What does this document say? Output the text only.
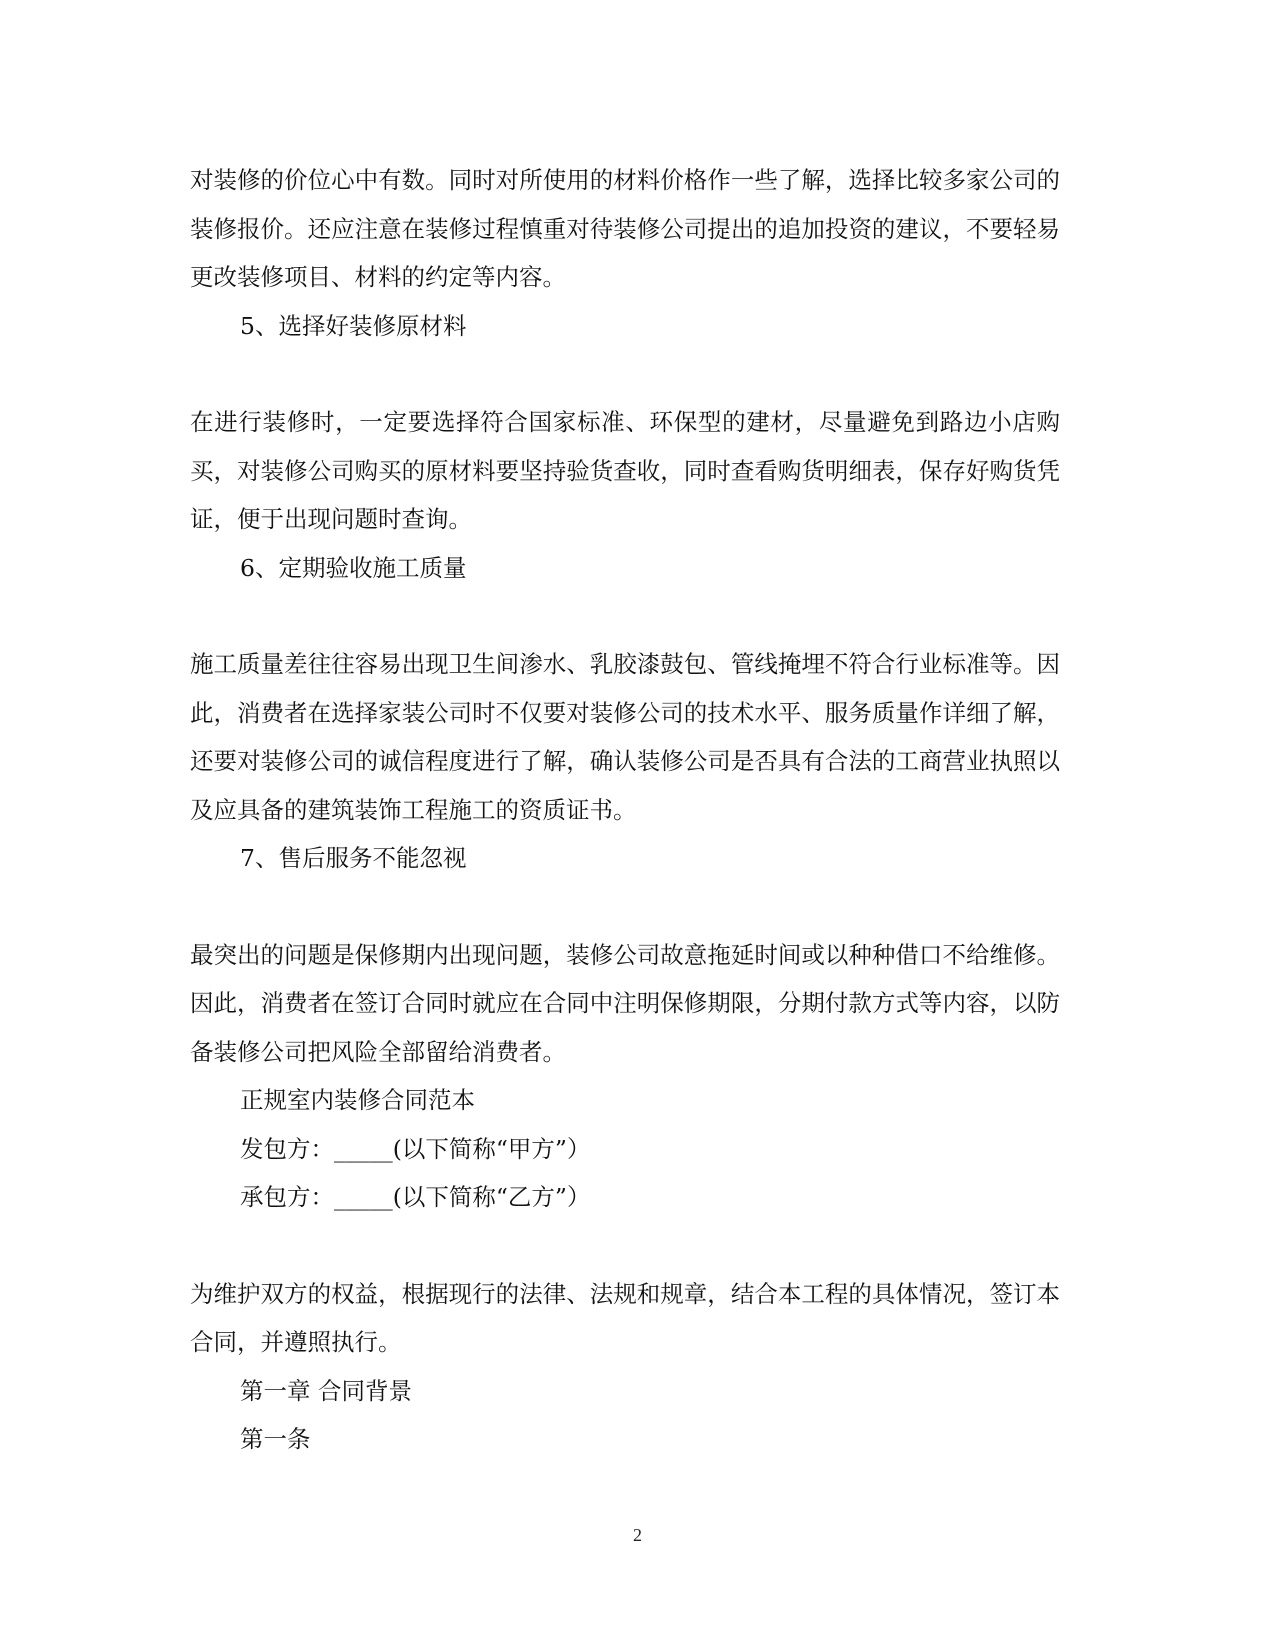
对装修的价位心中有数。同时对所使用的材料价格作一些了解，选择比较多家公司的装修报价。还应注意在装修过程慎重对待装修公司提出的追加投资的建议，不要轻易更改装修项目、材料的约定等内容。

5、选择好装修原材料

在进行装修时，一定要选择符合国家标准、环保型的建材，尽量避免到路边小店购买，对装修公司购买的原材料要坚持验货查收，同时查看购货明细表，保存好购货凭证，便于出现问题时查询。

6、定期验收施工质量

施工质量差往往容易出现卫生间渗水、乳胶漆鼓包、管线掩埋不符合行业标准等。因此，消费者在选择家装公司时不仅要对装修公司的技术水平、服务质量作详细了解，还要对装修公司的诚信程度进行了解，确认装修公司是否具有合法的工商营业执照以及应具备的建筑装饰工程施工的资质证书。

7、售后服务不能忽视

最突出的问题是保修期内出现问题，装修公司故意拖延时间或以种种借口不给维修。因此，消费者在签订合同时就应在合同中注明保修期限，分期付款方式等内容，以防备装修公司把风险全部留给消费者。

正规室内装修合同范本

发包方：_____(以下简称“甲方”）

承包方：_____(以下简称“乙方”）

为维护双方的权益，根据现行的法律、法规和规章，结合本工程的具体情况，签订本合同，并遵照执行。

第一章 合同背景

第一条

2
